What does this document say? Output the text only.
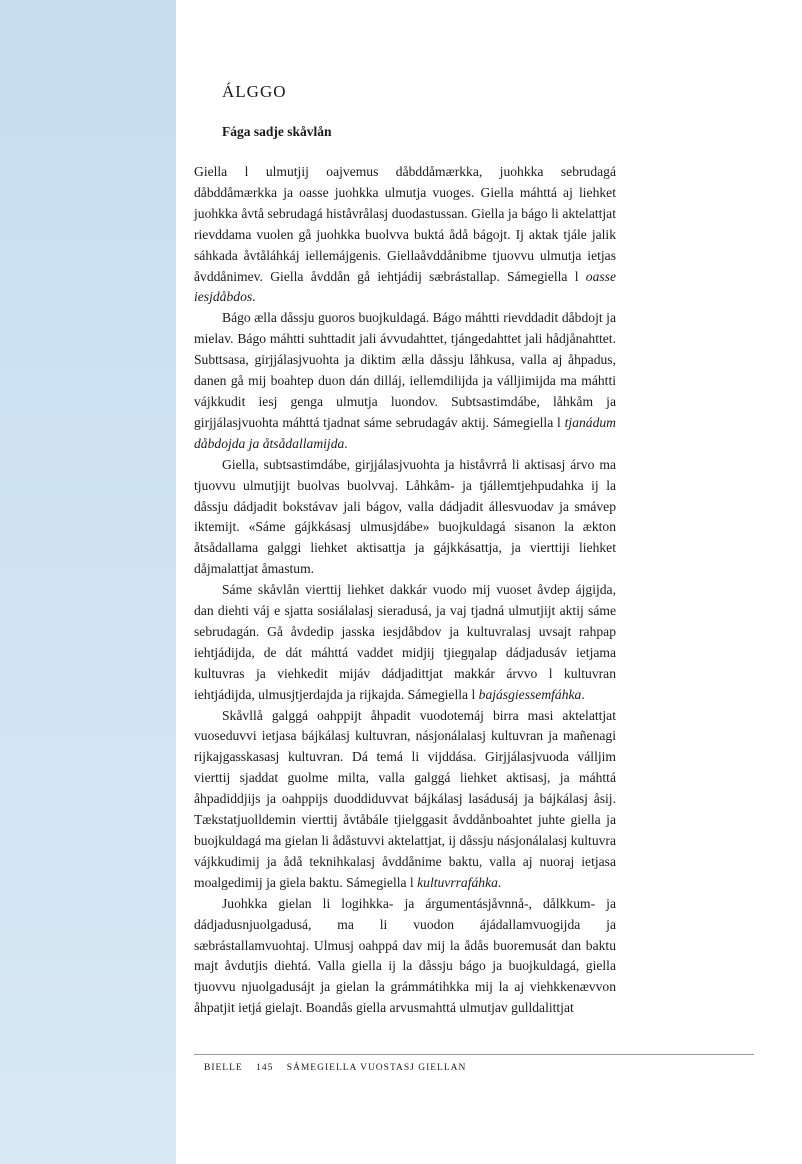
ÁLGGO
Fága sadje skåvlån

Giella l ulmutjij oajvemus dåbddåmærkka, juohkka sebrudagá dåbddåmærkka ja oasse juohkka ulmutja vuoges. Giella máhttá aj liehket juohkka åvtå sebrudagá histåvrålasj duodastussan. Giella ja bágo li aktelattjat rievddama vuolen gå juohkka buolvva buktá ådå bágojt. Ij aktak tjále jalik sáhkada åvtåláhkáj iellemájgenis. Giellaåvddånibme tjuovvu ulmutja ietjas åvddånimev. Giella åvddån gå iehtjádij sæbrástallap. Sámegiella l oasse iesjdåbdos.

Bágo ælla dåssju guoros buojkuldagá. Bágo máhtti rievddadit dåbdojt ja mielav. Bágo máhtti suhttadit jali ávvudahttet, tjángedahttet jali hådjånahttet. Subttsasa, girjjálasjvuohta ja diktim ælla dåssju låhkusa, valla aj åhpadus, danen gå mij boahtep duon dán dilláj, iellemdilijda ja válljimijda ma máhtti vájkkudit iesj genga ulmutja luondov. Subtsastimdábe, låhkåm ja girjjálasjvuohta máhttá tjadnat sáme sebrudagáv aktij. Sámegiella l tjanádum dåbdojda ja åtsådallamijda.

Giella, subtsastimdábe, girjjálasjvuohta ja histåvrrå li aktisasj árvo ma tjuovvu ulmutjijt buolvas buolvvaj. Låhkåm- ja tjállemtjehpudahka ij la dåssju dádjadit bokstávav jali bágov, valla dádjadit állesvuodav ja smávep iktemijt. «Sáme gájkkásasj ulmusjdábe» buojkuldagá sisanon la ækton åtsådallama galggi liehket aktisattja ja gájkkásattja, ja vierttiji liehket dåjmalattjat åmastum.

Sáme skåvlån vierttij liehket dakkár vuodo mij vuoset åvdep ájgijda, dan diehti váj e sjatta sosiálalasj sieradusá, ja vaj tjadná ulmutjijt aktij sáme sebrudagán. Gå åvdedip jasska iesjdåbdov ja kultuvralasj uvsajt rahpap iehtjádijda, de dát máhttá vaddet midjij tjiegŋalap dádjadusáv ietjama kultuvras ja viehkedit mijáv dádjadittjat makkár árvvo l kultuvran iehtjádijda, ulmusjtjerdajda ja rijkajda. Sámegiella l bajásgiessemfáhka.

Skåvllå galggá oahppijt åhpadit vuodotemáj birra masi aktelattjat vuoseduvvi ietjasa bájkálasj kultuvran, násjonálalasj kultuvran ja mañenagi rijkajgasskasasj kultuvran. Dá temá li vijddása. Girjjálasjvuoda válljim vierttij sjaddat guolme milta, valla galggá liehket aktisasj, ja máhttá åhpadiddjijs ja oahppijs duoddiduvvat bájkálasj lasádusáj ja bájkálasj åsij. Tækstatjuolldemin vierttij åvtåbále tjielggasit åvddånboahtet juhte giella ja buojkuldagá ma gielan li ådåstuvvi aktelattjat, ij dåssju násjonálalasj kultuvra vájkkudimij ja ådå teknihkalasj åvddånime baktu, valla aj nuoraj ietjasa moalgedimij ja giela baktu. Sámegiella l kultuvrrafáhka.

Juohkka gielan li logihkka- ja árgumentásjåvnnå-, dålkkum- ja dádjadusnjuolgadusá, ma li vuodon ájádallamvuogijda ja sæbrástallamvuohtaj. Ulmusj oahppá dav mij la ådås buoremusát dan baktu majt åvdutjis diehtá. Valla giella ij la dåssju bágo ja buojkuldagá, giella tjuovvu njuolgadusájt ja gielan la grámmátihkka mij la aj viehkkenævvon åhpatjit ietjá gielajt. Boandås giella arvusmahttá ulmutjav gulldalittjat

BIELLE 145 SÁMEGIELLA VUOSTASJ GIELLAN
